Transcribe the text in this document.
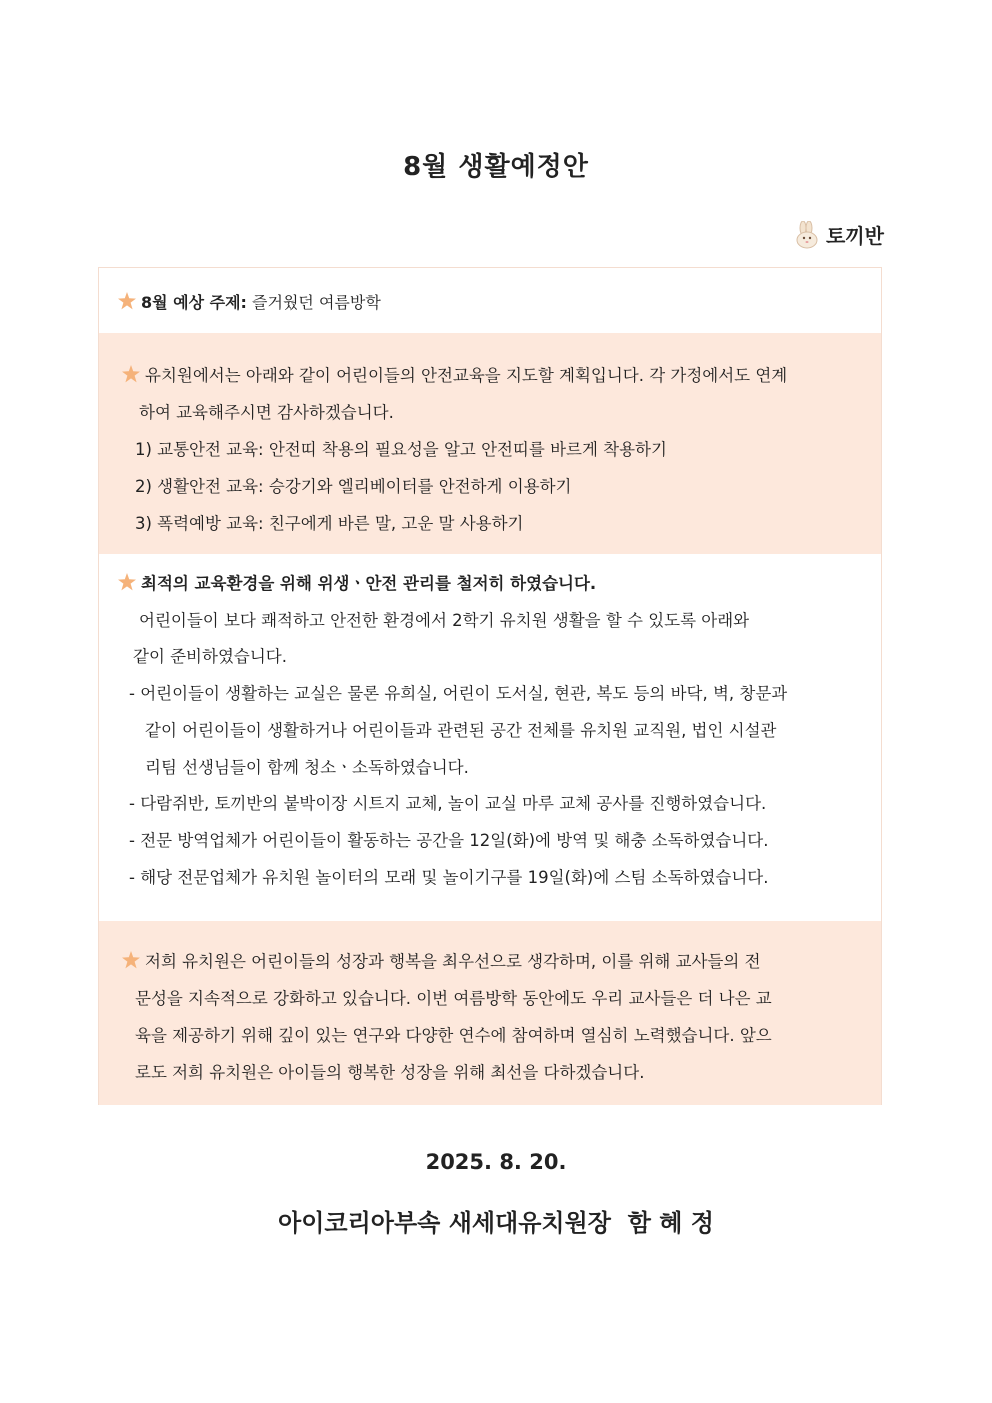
8월 생활예정안
토끼반
8월 예상 주제: 즐거웠던 여름방학
유치원에서는 아래와 같이 어린이들의 안전교육을 지도할 계획입니다. 각 가정에서도 연계
하여 교육해주시면 감사하겠습니다.
1) 교통안전 교육: 안전띠 착용의 필요성을 알고 안전띠를 바르게 착용하기
2) 생활안전 교육: 승강기와 엘리베이터를 안전하게 이용하기
3) 폭력예방 교육: 친구에게 바른 말, 고운 말 사용하기
최적의 교육환경을 위해 위생ㆍ안전 관리를 철저히 하였습니다.
어린이들이 보다 쾌적하고 안전한 환경에서 2학기 유치원 생활을 할 수 있도록 아래와
같이 준비하였습니다.
- 어린이들이 생활하는 교실은 물론 유희실, 어린이 도서실, 현관, 복도 등의 바닥, 벽, 창문과
같이 어린이들이 생활하거나 어린이들과 관련된 공간 전체를 유치원 교직원, 법인 시설관
리팀 선생님들이 함께 청소ㆍ소독하였습니다.
- 다람쥐반, 토끼반의 붙박이장 시트지 교체, 놀이 교실 마루 교체 공사를 진행하였습니다.
- 전문 방역업체가 어린이들이 활동하는 공간을 12일(화)에 방역 및 해충 소독하였습니다.
- 해당 전문업체가 유치원 놀이터의 모래 및 놀이기구를 19일(화)에 스팀 소독하였습니다.
저희 유치원은 어린이들의 성장과 행복을 최우선으로 생각하며, 이를 위해 교사들의 전
문성을 지속적으로 강화하고 있습니다. 이번 여름방학 동안에도 우리 교사들은 더 나은 교
육을 제공하기 위해 깊이 있는 연구와 다양한 연수에 참여하며 열심히 노력했습니다. 앞으
로도 저희 유치원은 아이들의 행복한 성장을 위해 최선을 다하겠습니다.
2025. 8. 20.
아이코리아부속 새세대유치원장  함 혜 정
